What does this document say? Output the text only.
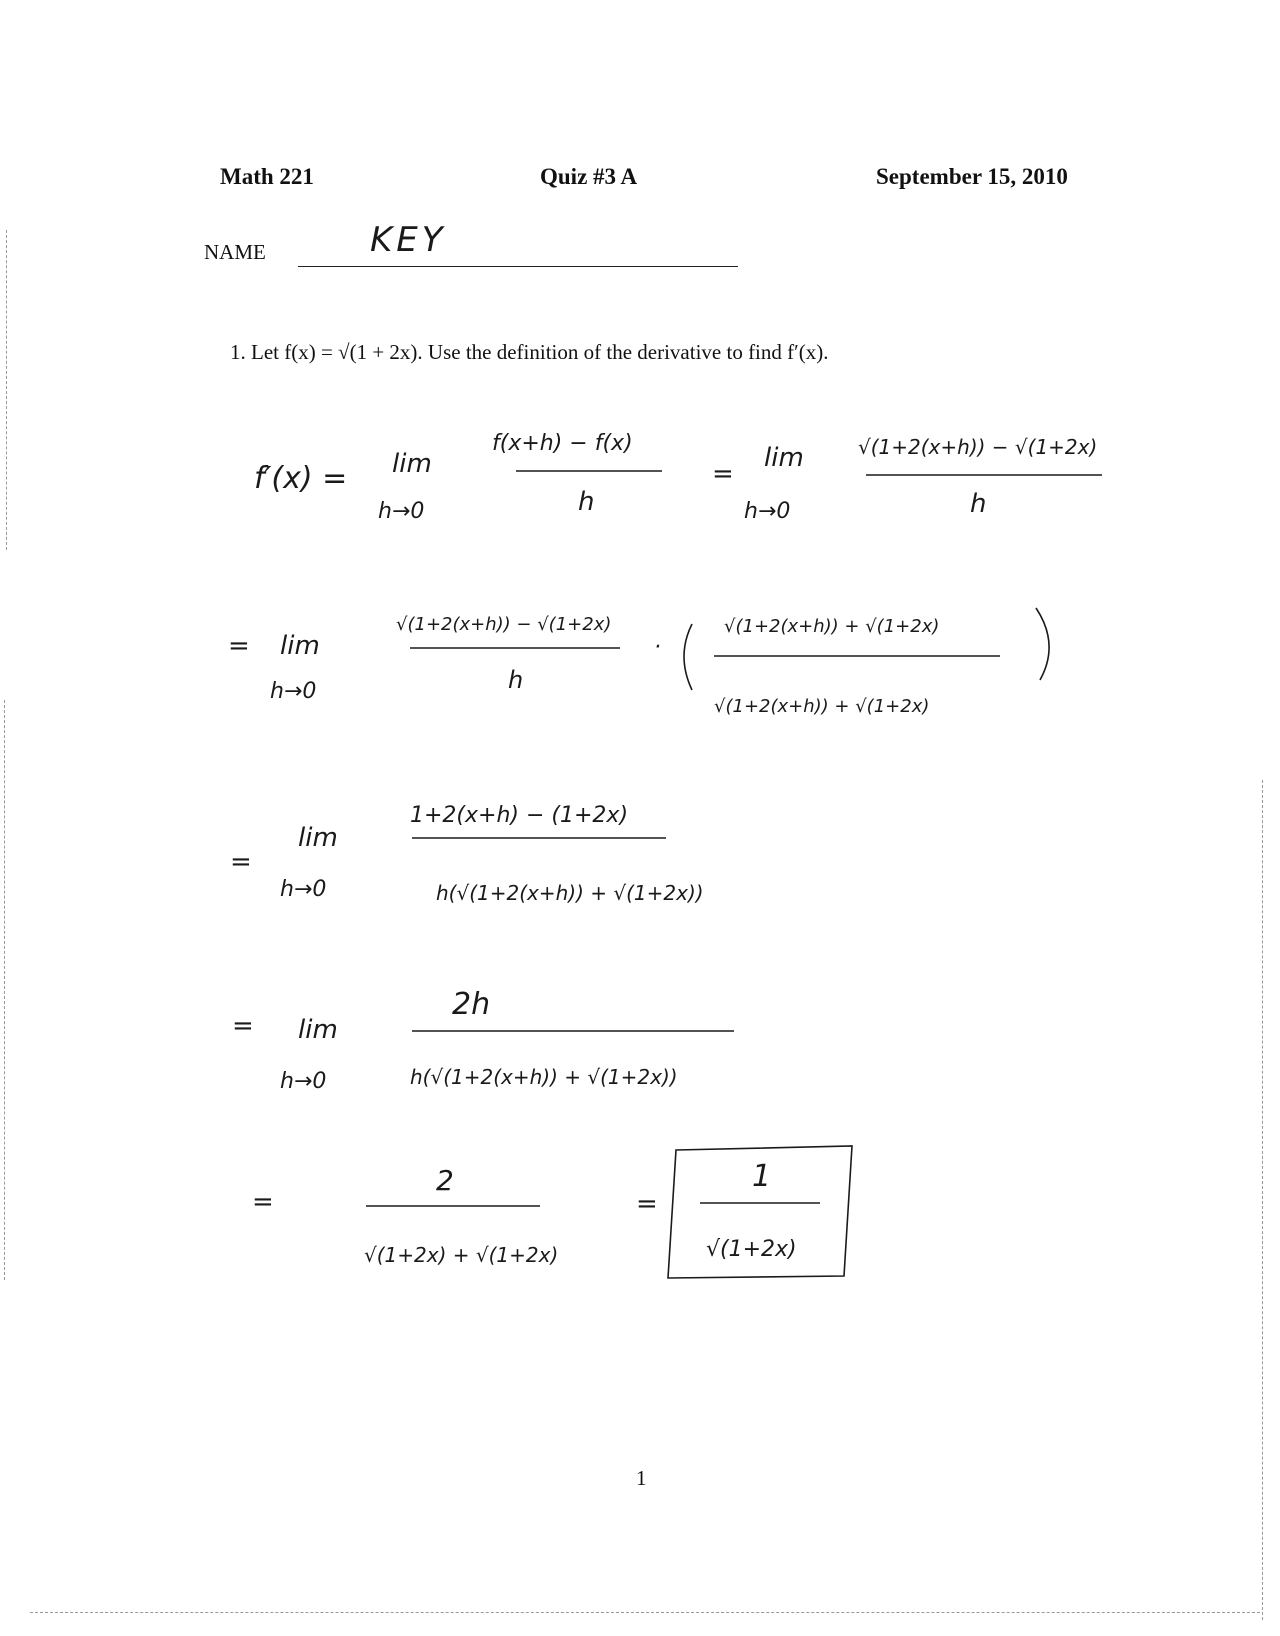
Math 221	Quiz #3 A	September 15, 2010
NAME	KEY
1. Let f(x) = √(1 + 2x). Use the definition of the derivative to find f′(x).
f′(x) = lim
h→0
f(x+h) − f(x)
h
=
lim
h→0
√(1+2(x+h)) − √(1+2x)
h
= lim
h→0
√(1+2(x+h)) − √(1+2x)
h
·
√(1+2(x+h)) + √(1+2x)
√(1+2(x+h)) + √(1+2x)
=
lim
h→0
1+2(x+h) − (1+2x)
h(√(1+2(x+h)) + √(1+2x))
= lim
h→0
2h
h(√(1+2(x+h)) + √(1+2x))
=
2
√(1+2x) + √(1+2x)
=
1
√(1+2x)
1
